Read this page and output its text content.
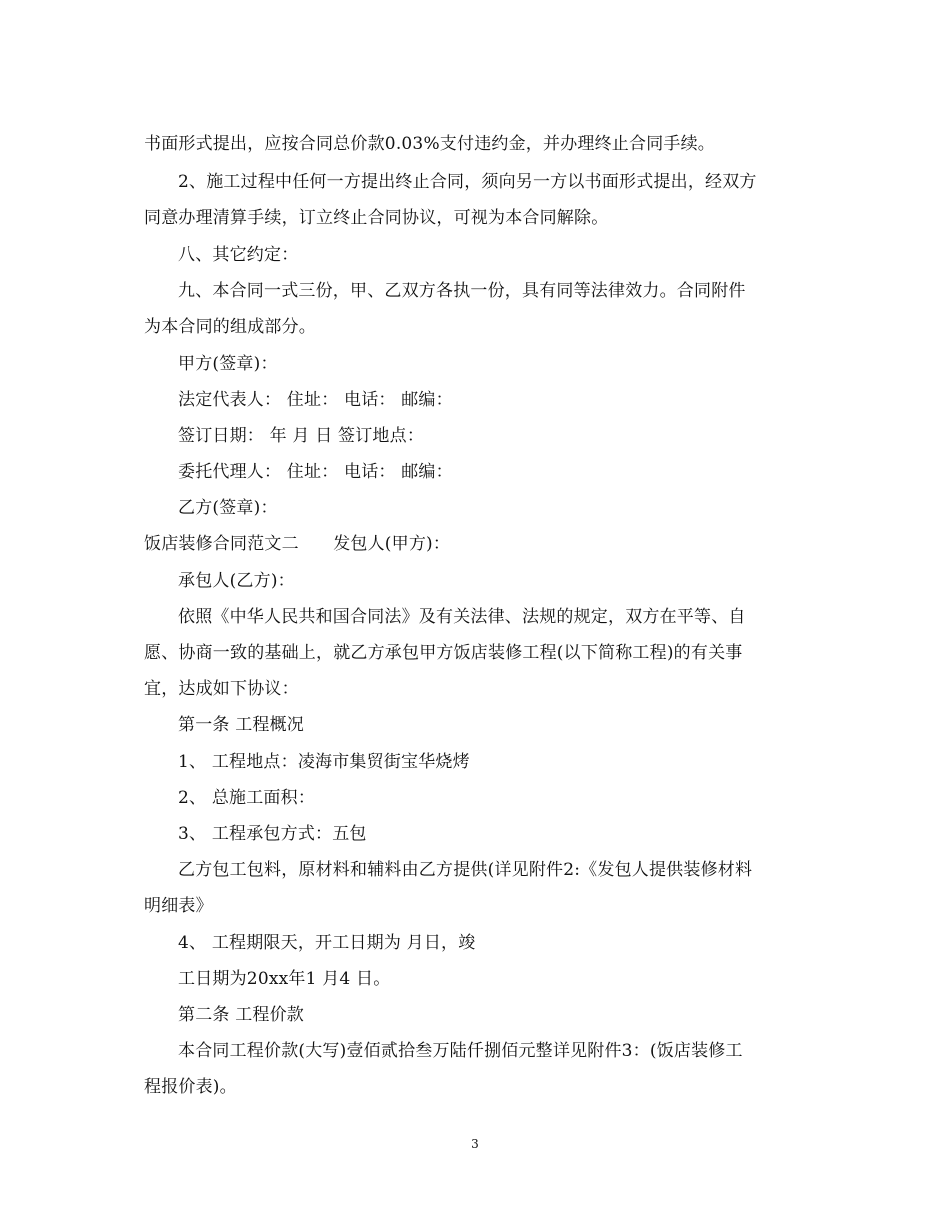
书面形式提出，应按合同总价款0.03%支付违约金，并办理终止合同手续。
2、施工过程中任何一方提出终止合同，须向另一方以书面形式提出，经双方
同意办理清算手续，订立终止合同协议，可视为本合同解除。
八、其它约定：
九、本合同一式三份，甲、乙双方各执一份，具有同等法律效力。合同附件
为本合同的组成部分。
甲方(签章)：
法定代表人： 住址： 电话： 邮编：
签订日期： 年 月 日 签订地点：
委托代理人： 住址： 电话： 邮编：
乙方(签章)：
饭店装修合同范文二　　发包人(甲方)：
承包人(乙方)：
依照《中华人民共和国合同法》及有关法律、法规的规定，双方在平等、自
愿、协商一致的基础上，就乙方承包甲方饭店装修工程(以下简称工程)的有关事
宜，达成如下协议：
第一条 工程概况
1、 工程地点：凌海市集贸街宝华烧烤
2、 总施工面积：
3、 工程承包方式：五包
乙方包工包料，原材料和辅料由乙方提供(详见附件2:《发包人提供装修材料
明细表》
4、 工程期限天，开工日期为 月日，竣
工日期为20xx年1 月4 日。
第二条 工程价款
本合同工程价款(大写)壹佰贰拾叁万陆仟捌佰元整详见附件3：(饭店装修工
程报价表)。
3
